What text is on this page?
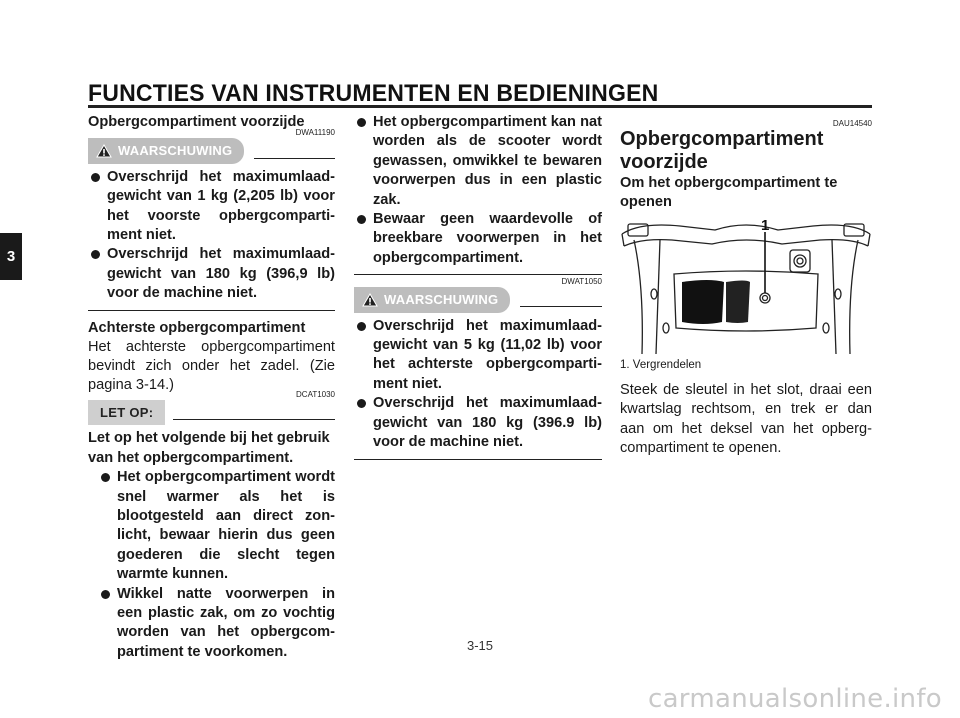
FUNCTIES VAN INSTRUMENTEN EN BEDIENINGEN
3
Opbergcompartiment voorzijde
DWA11190
WAARSCHUWING
Overschrijd het maximumlaad-gewicht van 1 kg (2,205 lb) voor het voorste opbergcomparti-ment niet.
Overschrijd het maximumlaad-gewicht van 180 kg (396,9 lb) voor de machine niet.
Achterste opbergcompartiment
Het achterste opbergcompartiment bevindt zich onder het zadel. (Zie pagina 3-14.)
DCAT1030
LET OP:
Let op het volgende bij het gebruik van het opbergcompartiment.
Het opbergcompartiment wordt snel warmer als het is blootgesteld aan direct zon-licht, bewaar hierin dus geen goederen die slecht tegen warmte kunnen.
Wikkel natte voorwerpen in een plastic zak, om zo vochtig worden van het opbergcom-partiment te voorkomen.
Het opbergcompartiment kan nat worden als de scooter wordt gewassen, omwikkel te bewaren voorwerpen dus in een plastic zak.
Bewaar geen waardevolle of breekbare voorwerpen in het opbergcompartiment.
DWAT1050
WAARSCHUWING
Overschrijd het maximumlaad-gewicht van 5 kg (11,02 lb) voor het achterste opbergcomparti-ment niet.
Overschrijd het maximumlaad-gewicht van 180 kg (396.9 lb) voor de machine niet.
DAU14540
Opbergcompartiment voorzijde
Om het opbergcompartiment te openen
1
1. Vergrendelen
Steek de sleutel in het slot, draai een kwartslag rechtsom, en trek er dan aan om het deksel van het opberg-compartiment te openen.
3-15
carmanualsonline.info
